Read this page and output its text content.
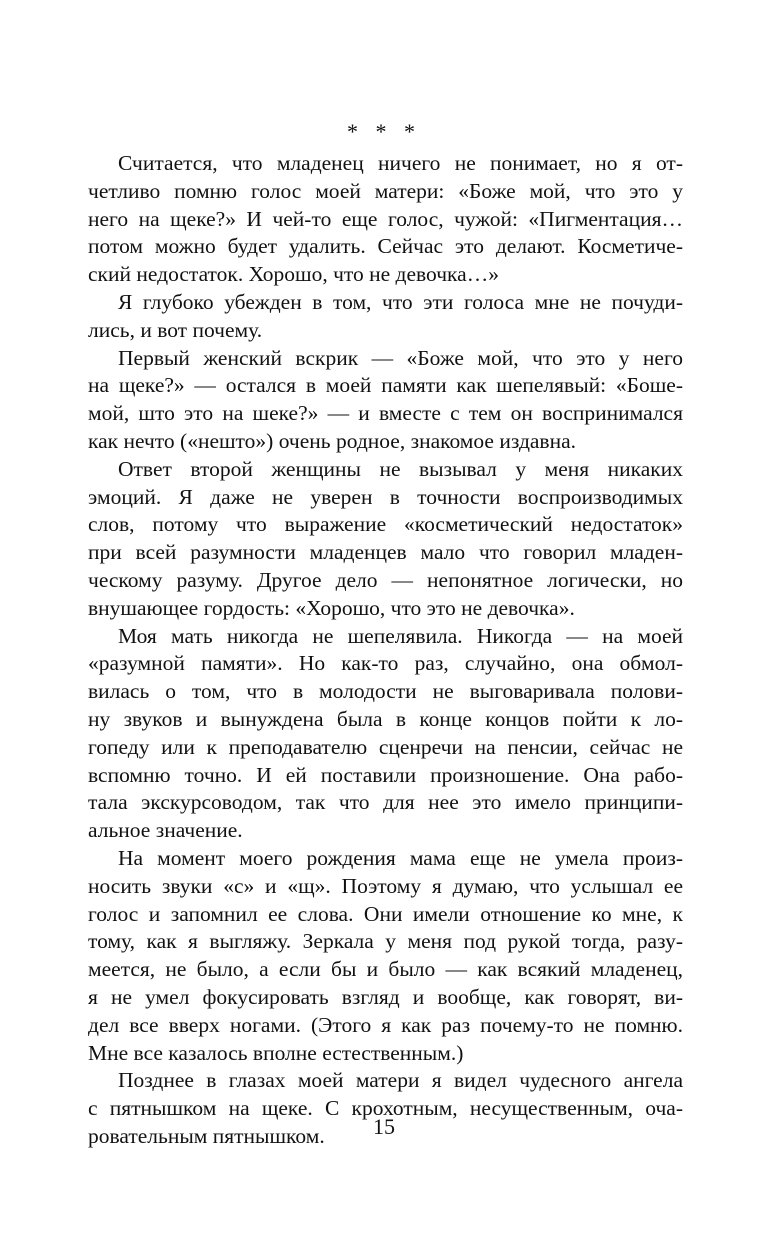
* * *

Считается, что младенец ничего не понимает, но я от-
четливо помню голос моей матери: «Боже мой, что это у
него на щеке?» И чей-то еще голос, чужой: «Пигментация…
потом можно будет удалить. Сейчас это делают. Косметиче-
ский недостаток. Хорошо, что не девочка…»

Я глубоко убежден в том, что эти голоса мне не почуди-
лись, и вот почему.

Первый женский вскрик — «Боже мой, что это у него
на щеке?» — остался в моей памяти как шепелявый: «Боше-
мой, што это на шеке?» — и вместе с тем он воспринимался
как нечто («нешто») очень родное, знакомое издавна.

Ответ второй женщины не вызывал у меня никаких
эмоций. Я даже не уверен в точности воспроизводимых
слов, потому что выражение «косметический недостаток»
при всей разумности младенцев мало что говорил младен-
ческому разуму. Другое дело — непонятное логически, но
внушающее гордость: «Хорошо, что это не девочка».

Моя мать никогда не шепелявила. Никогда — на моей
«разумной памяти». Но как-то раз, случайно, она обмол-
вилась о том, что в молодости не выговаривала полови-
ну звуков и вынуждена была в конце концов пойти к ло-
гопеду или к преподавателю сценречи на пенсии, сейчас не
вспомню точно. И ей поставили произношение. Она рабо-
тала экскурсоводом, так что для нее это имело принципи-
альное значение.

На момент моего рождения мама еще не умела произ-
носить звуки «с» и «щ». Поэтому я думаю, что услышал ее
голос и запомнил ее слова. Они имели отношение ко мне, к
тому, как я выгляжу. Зеркала у меня под рукой тогда, разу-
меется, не было, а если бы и было — как всякий младенец,
я не умел фокусировать взгляд и вообще, как говорят, ви-
дел все вверх ногами. (Этого я как раз почему-то не помню.
Мне все казалось вполне естественным.)

Позднее в глазах моей матери я видел чудесного ангела
с пятнышком на щеке. С крохотным, несущественным, оча-
ровательным пятнышком.	15
